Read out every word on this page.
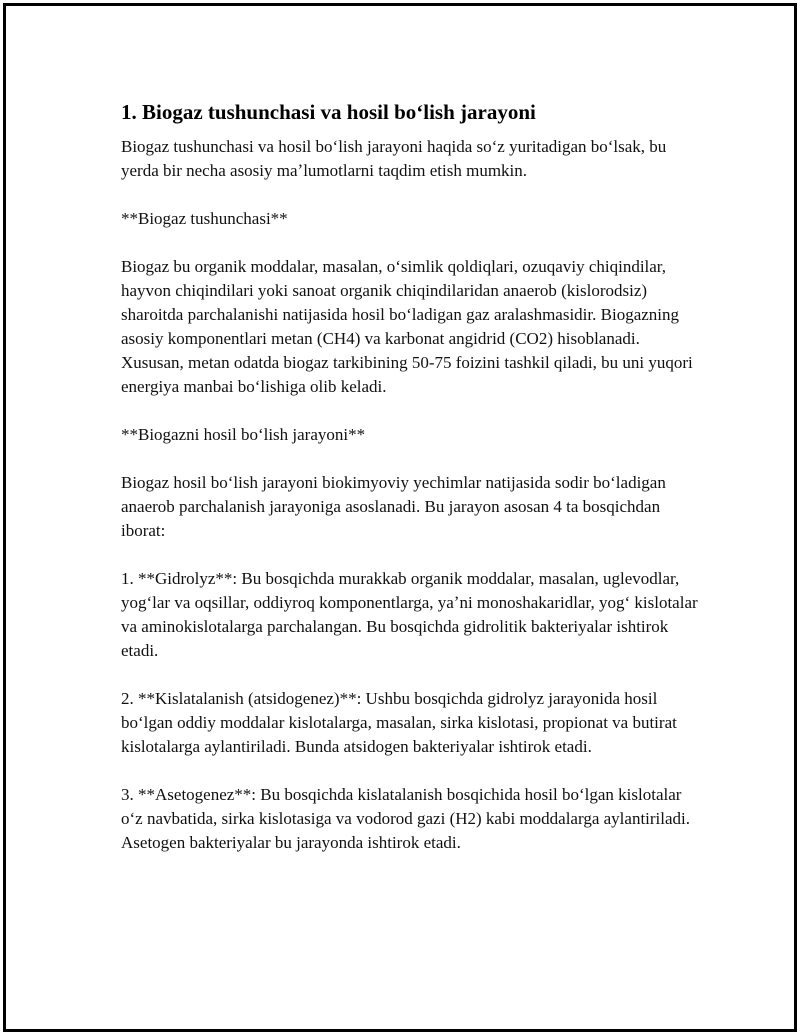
1. Biogaz tushunchasi va hosil boʻlish jarayoni

Biogaz tushunchasi va hosil boʻlish jarayoni haqida soʻz yuritadigan boʻlsak, bu yerda bir necha asosiy maʼlumotlarni taqdim etish mumkin.

**Biogaz tushunchasi**

Biogaz bu organik moddalar, masalan, oʻsimlik qoldiqlari, ozuqaviy chiqindilar, hayvon chiqindilari yoki sanoat organik chiqindilaridan anaerob (kislorodsiz) sharoitda parchalanishi natijasida hosil boʻladigan gaz aralashmasidir. Biogazning asosiy komponentlari metan (CH4) va karbonat angidrid (CO2) hisoblanadi. Xususan, metan odatda biogaz tarkibining 50-75 foizini tashkil qiladi, bu uni yuqori energiya manbai boʻlishiga olib keladi.

**Biogazni hosil boʻlish jarayoni**

Biogaz hosil boʻlish jarayoni biokimyoviy yechimlar natijasida sodir boʻladigan anaerob parchalanish jarayoniga asoslanadi. Bu jarayon asosan 4 ta bosqichdan iborat:

1. **Gidrolyz**: Bu bosqichda murakkab organik moddalar, masalan, uglevodlar, yogʻlar va oqsillar, oddiyroq komponentlarga, yaʼni monoshakaridlar, yogʻ kislotalar va aminokislotalarga parchalangan. Bu bosqichda gidrolitik bakteriyalar ishtirok etadi.

2. **Kislatalanish (atsidogenez)**: Ushbu bosqichda gidrolyz jarayonida hosil boʻlgan oddiy moddalar kislotalarga, masalan, sirka kislotasi, propionat va butirat kislotalarga aylantiriladi. Bunda atsidogen bakteriyalar ishtirok etadi.

3. **Asetogenez**: Bu bosqichda kislatalanish bosqichida hosil boʻlgan kislotalar oʻz navbatida, sirka kislotasiga va vodorod gazi (H2) kabi moddalarga aylantiriladi. Asetogen bakteriyalar bu jarayonda ishtirok etadi.
